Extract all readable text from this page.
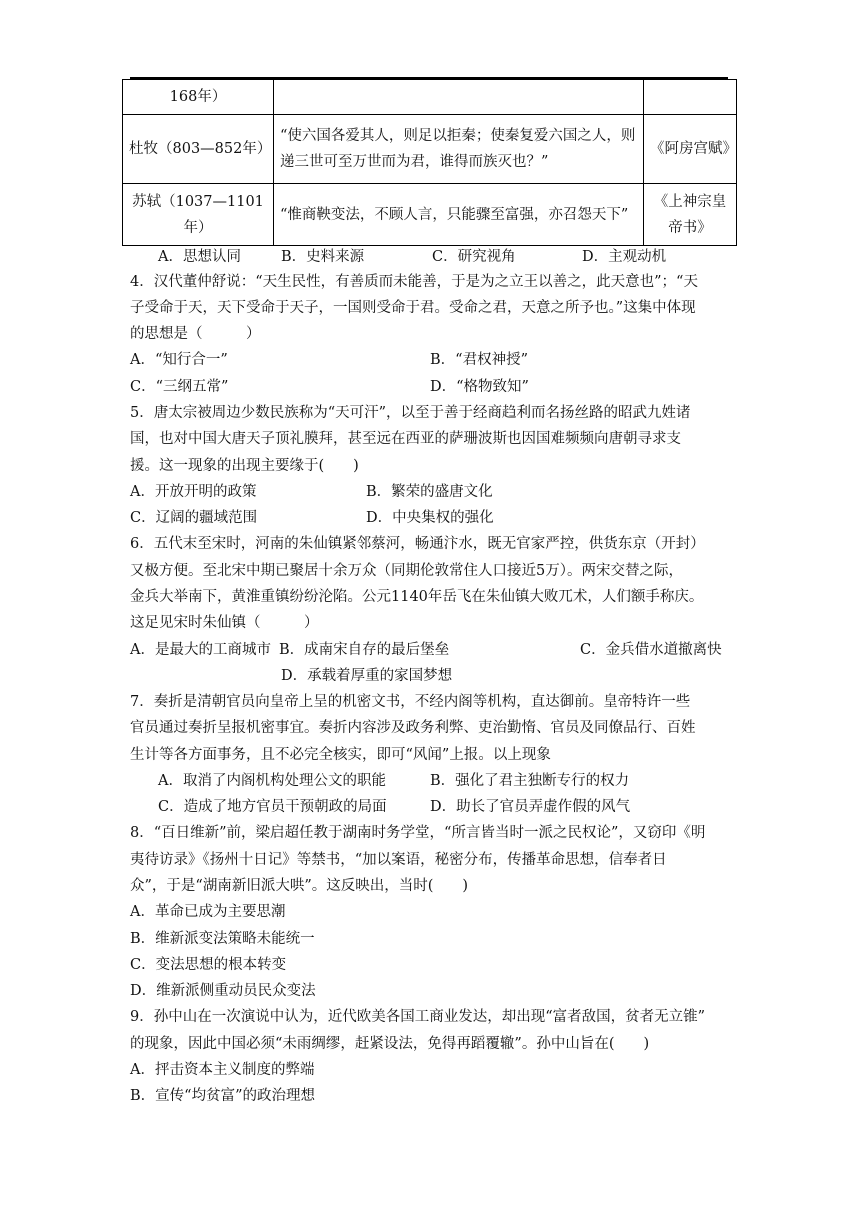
168年）		
杜牧（803—852年）	“使六国各爱其人，则足以拒秦；使秦复爱六国之人，则递三世可至万世而为君，谁得而族灭也？”	《阿房宫赋》
苏轼（1037—1101年）	“惟商鞅变法，不顾人言，只能骤至富强，亦召怨天下”	《上神宗皇帝书》
A．思想认同	B．史料来源	C．研究视角	D．主观动机
4．汉代董仲舒说：“天生民性，有善质而未能善，于是为之立王以善之，此天意也”；“天
子受命于天，天下受命于天子，一国则受命于君。受命之君，天意之所予也。”这集中体现
的思想是（　　　）
A．“知行合一”	B．“君权神授”
C．“三纲五常”	D．“格物致知”
5．唐太宗被周边少数民族称为“天可汗”，以至于善于经商趋利而名扬丝路的昭武九姓诸
国，也对中国大唐天子顶礼膜拜，甚至远在西亚的萨珊波斯也因国难频频向唐朝寻求支
援。这一现象的出现主要缘于(　　)
A．开放开明的政策	B．繁荣的盛唐文化
C．辽阔的疆域范围	D．中央集权的强化
6．五代末至宋时，河南的朱仙镇紧邻蔡河，畅通汴水，既无官家严控，供货东京（开封）
又极方便。至北宋中期已聚居十余万众（同期伦敦常住人口接近5万）。两宋交替之际，
金兵大举南下，黄淮重镇纷纷沦陷。公元1140年岳飞在朱仙镇大败兀术，人们额手称庆。
这足见宋时朱仙镇（　　　）
A．是最大的工商城市 B．成南宋自存的最后堡垒	C．金兵借水道撤离快
D．承载着厚重的家国梦想
7．奏折是清朝官员向皇帝上呈的机密文书，不经内阁等机构，直达御前。皇帝特许一些
官员通过奏折呈报机密事宜。奏折内容涉及政务利弊、吏治勤惰、官员及同僚品行、百姓
生计等各方面事务，且不必完全核实，即可“风闻”上报。以上现象
A．取消了内阁机构处理公文的职能	B．强化了君主独断专行的权力
C．造成了地方官员干预朝政的局面	D．助长了官员弄虚作假的风气
8．“百日维新”前，梁启超任教于湖南时务学堂，“所言皆当时一派之民权论”，又窃印《明
夷待访录》《扬州十日记》等禁书，“加以案语，秘密分布，传播革命思想，信奉者日
众”，于是“湖南新旧派大哄”。这反映出，当时(　　)
A．革命已成为主要思潮
B．维新派变法策略未能统一
C．变法思想的根本转变
D．维新派侧重动员民众变法
9．孙中山在一次演说中认为，近代欧美各国工商业发达，却出现“富者敌国，贫者无立锥”
的现象，因此中国必须“未雨绸缪，赶紧设法，免得再蹈覆辙”。孙中山旨在(　　)
A．抨击资本主义制度的弊端
B．宣传“均贫富”的政治理想
